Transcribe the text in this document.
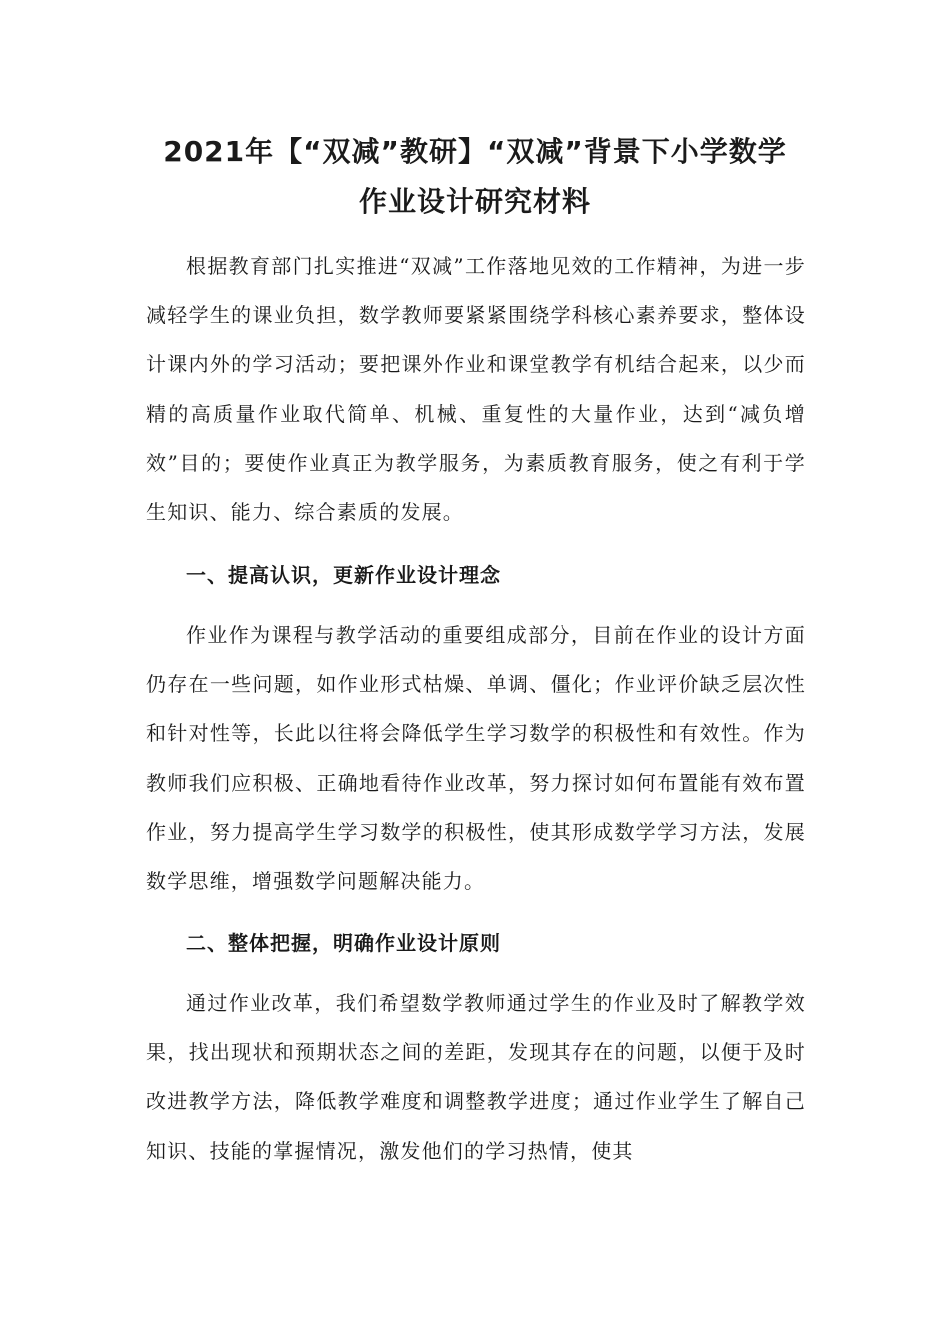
2021年【“双减”教研】“双减”背景下小学数学
作业设计研究材料

根据教育部门扎实推进“双减”工作落地见效的工作精神，为进一步减轻学生的课业负担，数学教师要紧紧围绕学科核心素养要求，整体设计课内外的学习活动；要把课外作业和课堂教学有机结合起来，以少而精的高质量作业取代简单、机械、重复性的大量作业，达到“减负增效”目的；要使作业真正为教学服务，为素质教育服务，使之有利于学生知识、能力、综合素质的发展。

一、提高认识，更新作业设计理念

作业作为课程与教学活动的重要组成部分，目前在作业的设计方面仍存在一些问题，如作业形式枯燥、单调、僵化；作业评价缺乏层次性和针对性等，长此以往将会降低学生学习数学的积极性和有效性。作为教师我们应积极、正确地看待作业改革，努力探讨如何布置能有效布置作业，努力提高学生学习数学的积极性，使其形成数学学习方法，发展数学思维，增强数学问题解决能力。

二、整体把握，明确作业设计原则

通过作业改革，我们希望数学教师通过学生的作业及时了解教学效果，找出现状和预期状态之间的差距，发现其存在的问题，以便于及时改进教学方法，降低教学难度和调整教学进度；通过作业学生了解自己知识、技能的掌握情况，激发他们的学习热情，使其
